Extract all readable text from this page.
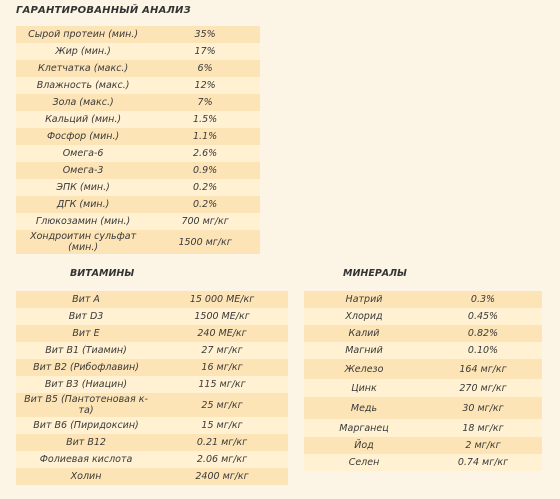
ГАРАНТИРОВАННЫЙ АНАЛИЗ
Сырой протеин (мин.)	35%
Жир (мин.)	17%
Клетчатка (макс.)	6%
Влажность (макс.)	12%
Зола (макс.)	7%
Кальций (мин.)	1.5%
Фосфор (мин.)	1.1%
Омега-6	2.6%
Омега-3	0.9%
ЭПК (мин.)	0.2%
ДГК (мин.)	0.2%
Глюкозамин (мин.)	700 мг/кг
Хондроитин сульфат (мин.)	1500 мг/кг
ВИТАМИНЫ
Вит A	15 000 МЕ/кг
Вит D3	1500 МЕ/кг
Вит E	240 МЕ/кг
Вит B1 (Тиамин)	27 мг/кг
Вит B2 (Рибофлавин)	16 мг/кг
Вит B3 (Ниацин)	115 мг/кг
Вит B5 (Пантотеновая к-та)	25 мг/кг
Вит B6 (Пиридоксин)	15 мг/кг
Вит B12	0.21 мг/кг
Фолиевая кислота	2.06 мг/кг
Холин	2400 мг/кг
МИНЕРАЛЫ
Натрий	0.3%
Хлорид	0.45%
Калий	0.82%
Магний	0.10%
Железо	164 мг/кг
Цинк	270 мг/кг
Медь	30 мг/кг
Марганец	18 мг/кг
Йод	2 мг/кг
Селен	0.74 мг/кг
